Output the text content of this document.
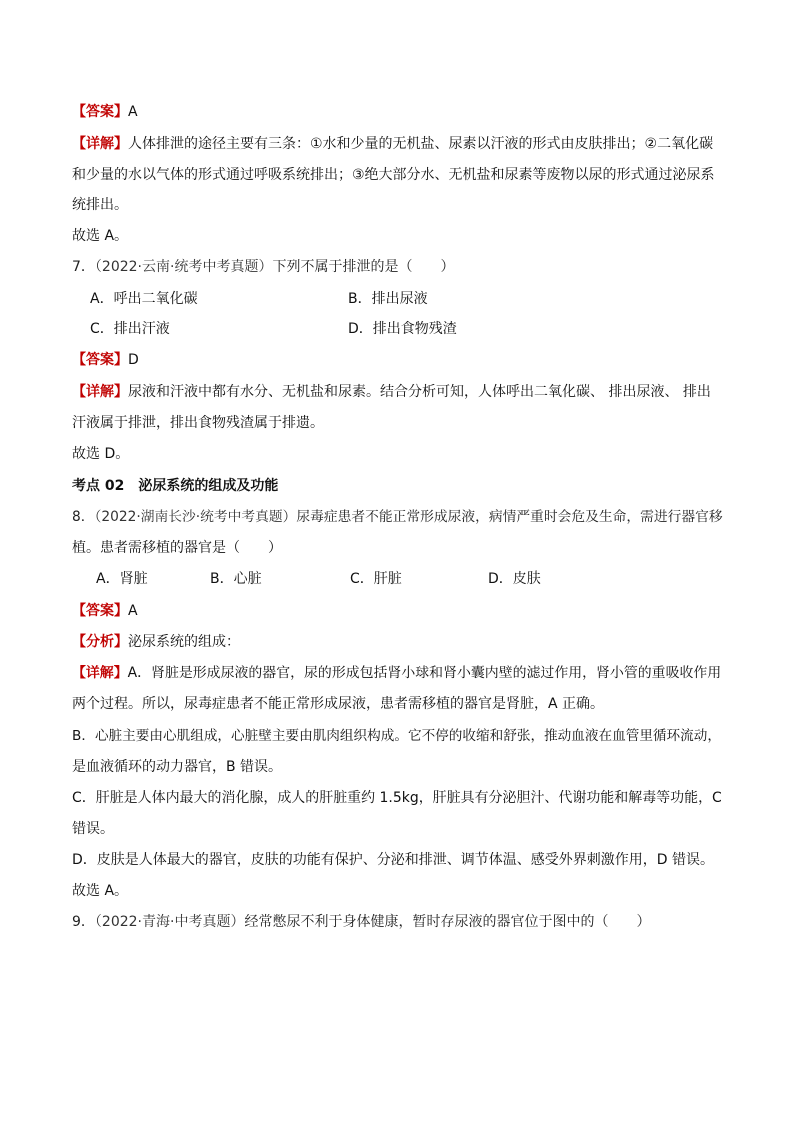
【答案】A
【详解】人体排泄的途径主要有三条：①水和少量的无机盐、尿素以汗液的形式由皮肤排出；②二氧化碳
和少量的水以气体的形式通过呼吸系统排出；③绝大部分水、无机盐和尿素等废物以尿的形式通过泌尿系
统排出。
故选 A。
7．（2022·云南·统考中考真题）下列不属于排泄的是（　　）
A．呼出二氧化碳	B．排出尿液
C．排出汗液	D．排出食物残渣
【答案】D
【详解】尿液和汗液中都有水分、无机盐和尿素。结合分析可知，人体呼出二氧化碳、 排出尿液、 排出
汗液属于排泄，排出食物残渣属于排遗。
故选 D。
考点 02　泌尿系统的组成及功能
8．（2022·湖南长沙·统考中考真题）尿毒症患者不能正常形成尿液，病情严重时会危及生命，需进行器官移
植。患者需移植的器官是（　　）
A．肾脏	B．心脏	C．肝脏	D．皮肤
【答案】A
【分析】泌尿系统的组成：
【详解】A．肾脏是形成尿液的器官，尿的形成包括肾小球和肾小囊内壁的滤过作用，肾小管的重吸收作用
两个过程。所以，尿毒症患者不能正常形成尿液，患者需移植的器官是肾脏，A 正确。
B．心脏主要由心肌组成，心脏壁主要由肌肉组织构成。它不停的收缩和舒张，推动血液在血管里循环流动，
是血液循环的动力器官，B 错误。
C．肝脏是人体内最大的消化腺，成人的肝脏重约 1.5kg，肝脏具有分泌胆汁、代谢功能和解毒等功能，C
错误。
D．皮肤是人体最大的器官，皮肤的功能有保护、分泌和排泄、调节体温、感受外界刺激作用，D 错误。
故选 A。
9．（2022·青海·中考真题）经常憋尿不利于身体健康，暂时存尿液的器官位于图中的（　　）
